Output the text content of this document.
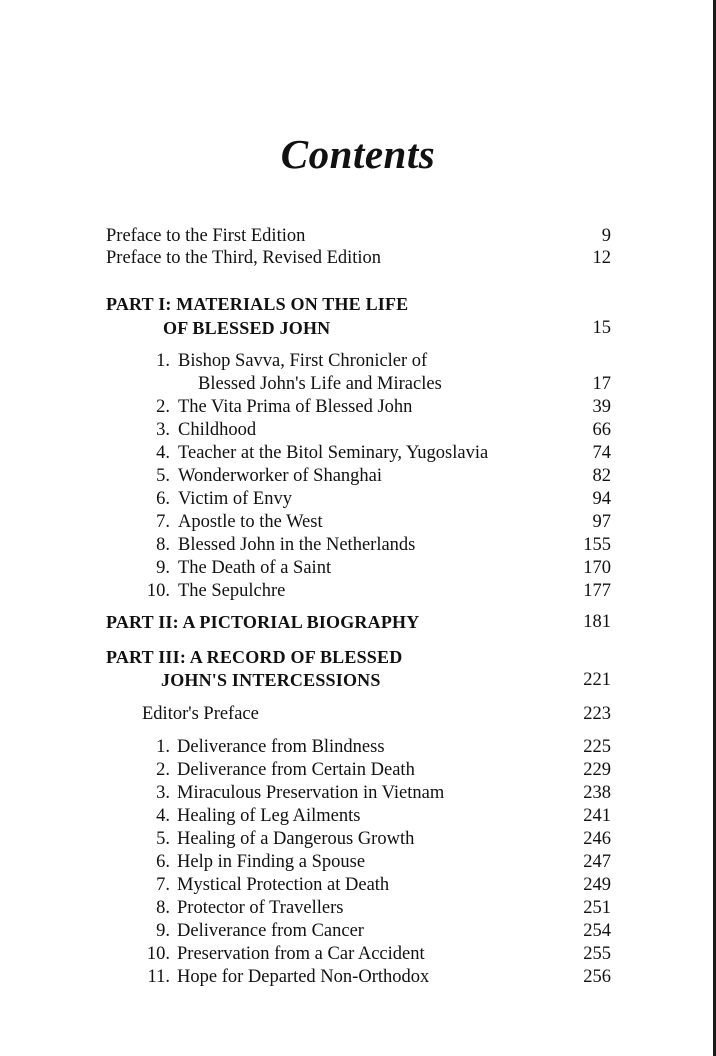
Contents
Preface to the First Edition	9
Preface to the Third, Revised Edition	12
PART I: MATERIALS ON THE LIFE
OF BLESSED JOHN	15
1. Bishop Savva, First Chronicler of
Blessed John's Life and Miracles	17
2. The Vita Prima of Blessed John	39
3. Childhood	66
4. Teacher at the Bitol Seminary, Yugoslavia	74
5. Wonderworker of Shanghai	82
6. Victim of Envy	94
7. Apostle to the West	97
8. Blessed John in the Netherlands	155
9. The Death of a Saint	170
10. The Sepulchre	177
PART II: A PICTORIAL BIOGRAPHY	181
PART III: A RECORD OF BLESSED
JOHN'S INTERCESSIONS	221
Editor's Preface	223
1. Deliverance from Blindness	225
2. Deliverance from Certain Death	229
3. Miraculous Preservation in Vietnam	238
4. Healing of Leg Ailments	241
5. Healing of a Dangerous Growth	246
6. Help in Finding a Spouse	247
7. Mystical Protection at Death	249
8. Protector of Travellers	251
9. Deliverance from Cancer	254
10. Preservation from a Car Accident	255
11. Hope for Departed Non-Orthodox	256
